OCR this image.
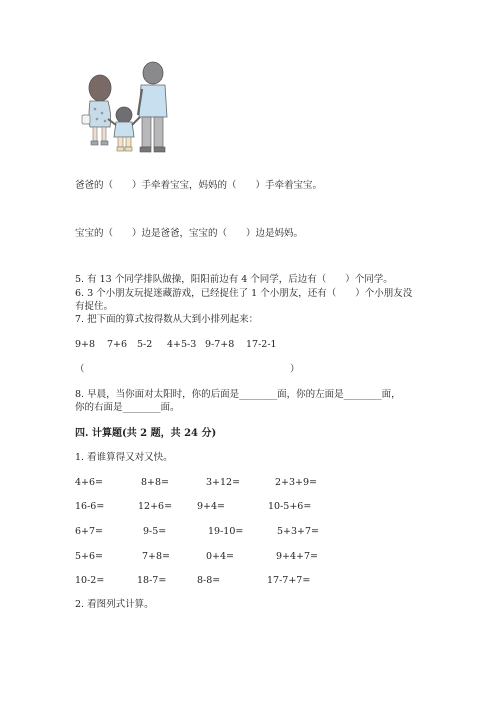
爸爸的（　　）手牵着宝宝，妈妈的（　　）手牵着宝宝。
宝宝的（　　）边是爸爸，宝宝的（　　）边是妈妈。
5. 有 13 个同学排队做操，阳阳前边有 4 个同学，后边有（　　）个同学。
6. 3 个小朋友玩捉迷藏游戏，已经捉住了 1 个小朋友，还有（　　）个小朋友没
有捉住。
7. 把下面的算式按得数从大到小排列起来：
9+8 7+6 5-2 4+5-3 9-7+8 17-2-1
（	）
8. 早晨，当你面对太阳时，你的后面是________面，你的左面是________面，
你的右面是________面。
四. 计算题(共 2 题，共 24 分)
1. 看谁算得又对又快。
4+6=	8+8=	3+12=	2+3+9=
16-6=	12+6=	9+4=	10-5+6=
6+7=	9-5=	19-10=	5+3+7=
5+6=	7+8=	0+4=	9+4+7=
10-2=	18-7=	8-8=	17-7+7=
2. 看图列式计算。
